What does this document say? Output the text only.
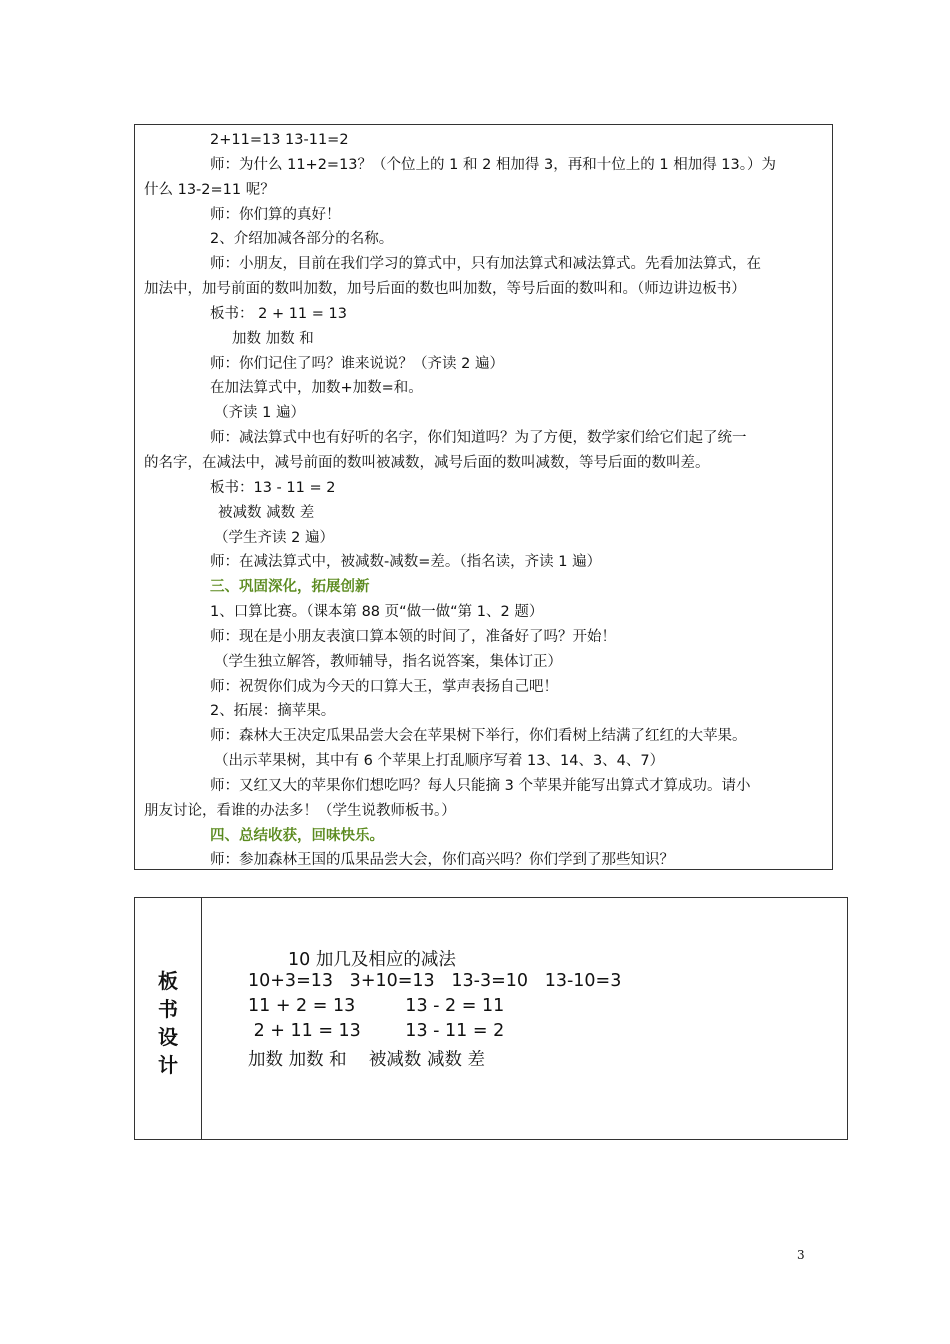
2+11=13 13-11=2
师：为什么 11+2=13？（个位上的 1 和 2 相加得 3，再和十位上的 1 相加得 13。）为
什么 13-2=11 呢？
师：你们算的真好！
2、介绍加减各部分的名称。
师：小朋友，目前在我们学习的算式中，只有加法算式和减法算式。先看加法算式，在
加法中，加号前面的数叫加数，加号后面的数也叫加数，等号后面的数叫和。（师边讲边板书）
板书： 2 + 11 = 13
加数 加数 和
师：你们记住了吗？谁来说说？（齐读 2 遍）
在加法算式中，加数+加数=和。
（齐读 1 遍）
师：减法算式中也有好听的名字，你们知道吗？为了方便，数学家们给它们起了统一
的名字，在减法中，减号前面的数叫被减数，减号后面的数叫减数，等号后面的数叫差。
板书：13 - 11 = 2
被减数 减数 差
（学生齐读 2 遍）
师：在减法算式中，被减数-减数=差。（指名读，齐读 1 遍）
三、巩固深化，拓展创新
1、口算比赛。（课本第 88 页“做一做“第 1、2 题）
师：现在是小朋友表演口算本领的时间了，准备好了吗？开始！
（学生独立解答，教师辅导，指名说答案，集体订正）
师：祝贺你们成为今天的口算大王，掌声表扬自己吧！
2、拓展：摘苹果。
师：森林大王决定瓜果品尝大会在苹果树下举行，你们看树上结满了红红的大苹果。
（出示苹果树，其中有 6 个苹果上打乱顺序写着 13、14、3、4、7）
师：又红又大的苹果你们想吃吗？每人只能摘 3 个苹果并能写出算式才算成功。请小
朋友讨论，看谁的办法多！（学生说教师板书。）
四、总结收获，回味快乐。
师：参加森林王国的瓜果品尝大会，你们高兴吗？你们学到了那些知识？
板
书
设
计
10 加几及相应的减法
10+3=13   3+10=13   13-3=10   13-10=3
11 + 2 = 13         13 - 2 = 11
2 + 11 = 13        13 - 11 = 2
加数 加数 和    被减数 减数 差
3
